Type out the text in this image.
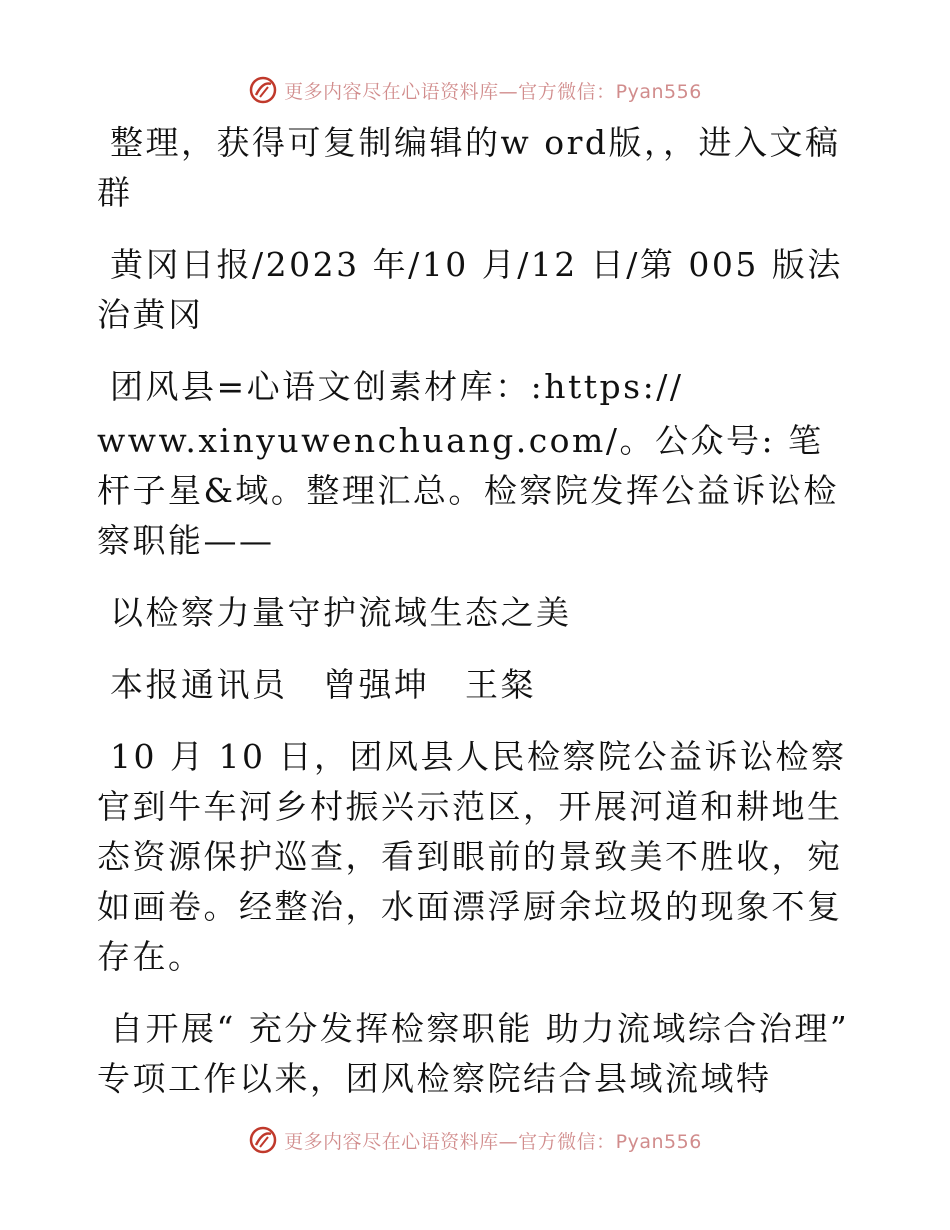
更多内容尽在心语资料库—官方微信：Pyan556

整理，获得可复制编辑的w ord版，，进入文稿群

黄冈日报/2023 年/10 月/12 日/第 005 版法治黄冈

团风县=心语文创素材库：:https://

www.xinyuwenchuang.com/。公众号: 笔杆子星&域。整理汇总。检察院发挥公益诉讼检察职能——

以检察力量守护流域生态之美

本报通讯员　曾强坤　王粲

10 月 10 日，团风县人民检察院公益诉讼检察官到牛车河乡村振兴示范区，开展河道和耕地生态资源保护巡查，看到眼前的景致美不胜收，宛如画卷。经整治，水面漂浮厨余垃圾的现象不复存在。

自开展“ 充分发挥检察职能 助力流域综合治理” 专项工作以来，团风检察院结合县域流域特

更多内容尽在心语资料库—官方微信：Pyan556
